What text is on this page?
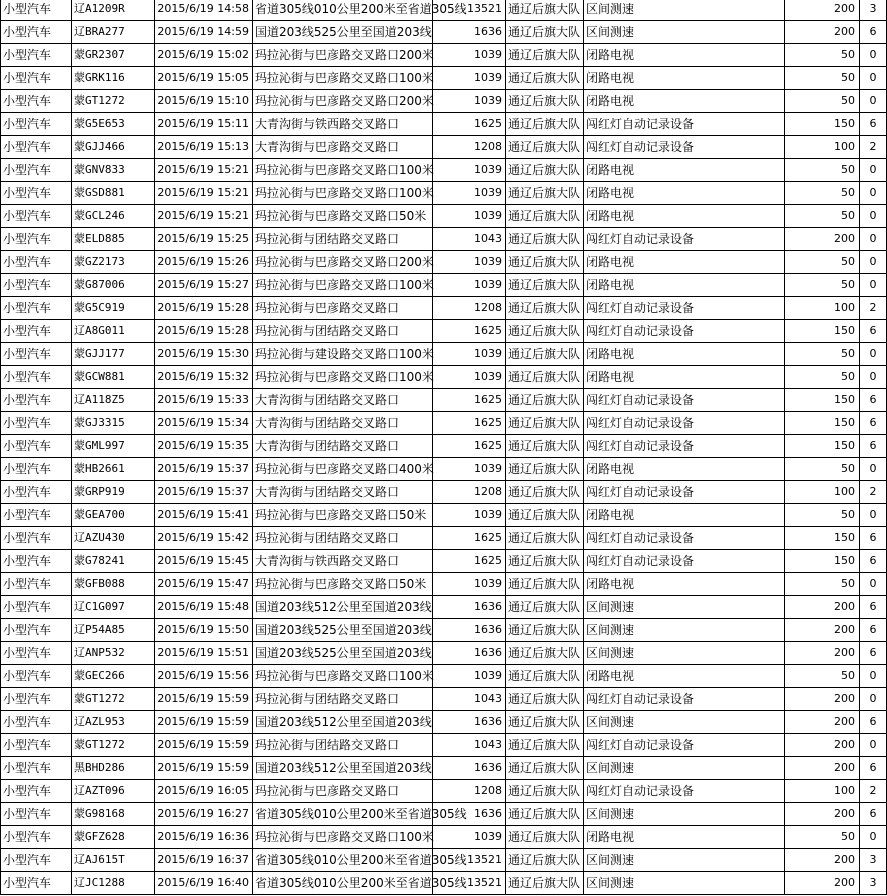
小型汽车	辽A1209R	2015/6/19 14:58	省道305线010公里200米至省道305线	13521	通辽后旗大队	区间测速	200	3
小型汽车	辽BRA277	2015/6/19 14:59	国道203线525公里至国道203线	1636	通辽后旗大队	区间测速	200	6
小型汽车	蒙GR2307	2015/6/19 15:02	玛拉沁街与巴彦路交叉路口200米	1039	通辽后旗大队	闭路电视	50	0
小型汽车	蒙GRK116	2015/6/19 15:05	玛拉沁街与巴彦路交叉路口100米	1039	通辽后旗大队	闭路电视	50	0
小型汽车	蒙GT1272	2015/6/19 15:10	玛拉沁街与巴彦路交叉路口200米	1039	通辽后旗大队	闭路电视	50	0
小型汽车	蒙G5E653	2015/6/19 15:11	大青沟街与铁西路交叉路口	1625	通辽后旗大队	闯红灯自动记录设备	150	6
小型汽车	蒙GJJ466	2015/6/19 15:13	大青沟街与巴彦路交叉路口	1208	通辽后旗大队	闯红灯自动记录设备	100	2
小型汽车	蒙GNV833	2015/6/19 15:21	玛拉沁街与巴彦路交叉路口100米	1039	通辽后旗大队	闭路电视	50	0
小型汽车	蒙GSD881	2015/6/19 15:21	玛拉沁街与巴彦路交叉路口100米	1039	通辽后旗大队	闭路电视	50	0
小型汽车	蒙GCL246	2015/6/19 15:21	玛拉沁街与巴彦路交叉路口50米	1039	通辽后旗大队	闭路电视	50	0
小型汽车	蒙ELD885	2015/6/19 15:25	玛拉沁街与团结路交叉路口	1043	通辽后旗大队	闯红灯自动记录设备	200	0
小型汽车	蒙GZ2173	2015/6/19 15:26	玛拉沁街与巴彦路交叉路口200米	1039	通辽后旗大队	闭路电视	50	0
小型汽车	蒙G87006	2015/6/19 15:27	玛拉沁街与巴彦路交叉路口100米	1039	通辽后旗大队	闭路电视	50	0
小型汽车	蒙G5C919	2015/6/19 15:28	玛拉沁街与巴彦路交叉路口	1208	通辽后旗大队	闯红灯自动记录设备	100	2
小型汽车	辽A8G011	2015/6/19 15:28	玛拉沁街与团结路交叉路口	1625	通辽后旗大队	闯红灯自动记录设备	150	6
小型汽车	蒙GJJ177	2015/6/19 15:30	玛拉沁街与建设路交叉路口100米	1039	通辽后旗大队	闭路电视	50	0
小型汽车	蒙GCW881	2015/6/19 15:32	玛拉沁街与巴彦路交叉路口100米	1039	通辽后旗大队	闭路电视	50	0
小型汽车	辽A118Z5	2015/6/19 15:33	大青沟街与团结路交叉路口	1625	通辽后旗大队	闯红灯自动记录设备	150	6
小型汽车	蒙GJ3315	2015/6/19 15:34	大青沟街与团结路交叉路口	1625	通辽后旗大队	闯红灯自动记录设备	150	6
小型汽车	蒙GML997	2015/6/19 15:35	大青沟街与团结路交叉路口	1625	通辽后旗大队	闯红灯自动记录设备	150	6
小型汽车	蒙HB2661	2015/6/19 15:37	玛拉沁街与巴彦路交叉路口400米	1039	通辽后旗大队	闭路电视	50	0
小型汽车	蒙GRP919	2015/6/19 15:37	大青沟街与团结路交叉路口	1208	通辽后旗大队	闯红灯自动记录设备	100	2
小型汽车	蒙GEA700	2015/6/19 15:41	玛拉沁街与巴彦路交叉路口50米	1039	通辽后旗大队	闭路电视	50	0
小型汽车	辽AZU430	2015/6/19 15:42	玛拉沁街与团结路交叉路口	1625	通辽后旗大队	闯红灯自动记录设备	150	6
小型汽车	蒙G78241	2015/6/19 15:45	大青沟街与铁西路交叉路口	1625	通辽后旗大队	闯红灯自动记录设备	150	6
小型汽车	蒙GFB088	2015/6/19 15:47	玛拉沁街与巴彦路交叉路口50米	1039	通辽后旗大队	闭路电视	50	0
小型汽车	辽C1G097	2015/6/19 15:48	国道203线512公里至国道203线	1636	通辽后旗大队	区间测速	200	6
小型汽车	辽P54A85	2015/6/19 15:50	国道203线525公里至国道203线	1636	通辽后旗大队	区间测速	200	6
小型汽车	辽ANP532	2015/6/19 15:51	国道203线525公里至国道203线	1636	通辽后旗大队	区间测速	200	6
小型汽车	蒙GEC266	2015/6/19 15:56	玛拉沁街与巴彦路交叉路口100米	1039	通辽后旗大队	闭路电视	50	0
小型汽车	蒙GT1272	2015/6/19 15:59	玛拉沁街与团结路交叉路口	1043	通辽后旗大队	闯红灯自动记录设备	200	0
小型汽车	辽AZL953	2015/6/19 15:59	国道203线512公里至国道203线	1636	通辽后旗大队	区间测速	200	6
小型汽车	蒙GT1272	2015/6/19 15:59	玛拉沁街与团结路交叉路口	1043	通辽后旗大队	闯红灯自动记录设备	200	0
小型汽车	黑BHD286	2015/6/19 15:59	国道203线512公里至国道203线	1636	通辽后旗大队	区间测速	200	6
小型汽车	辽AZT096	2015/6/19 16:05	玛拉沁街与巴彦路交叉路口	1208	通辽后旗大队	闯红灯自动记录设备	100	2
小型汽车	蒙G98168	2015/6/19 16:27	省道305线010公里200米至省道305线	1636	通辽后旗大队	区间测速	200	6
小型汽车	蒙GFZ628	2015/6/19 16:36	玛拉沁街与巴彦路交叉路口100米	1039	通辽后旗大队	闭路电视	50	0
小型汽车	辽AJ615T	2015/6/19 16:37	省道305线010公里200米至省道305线	13521	通辽后旗大队	区间测速	200	3
小型汽车	辽JC1288	2015/6/19 16:40	省道305线010公里200米至省道305线	13521	通辽后旗大队	区间测速	200	3
